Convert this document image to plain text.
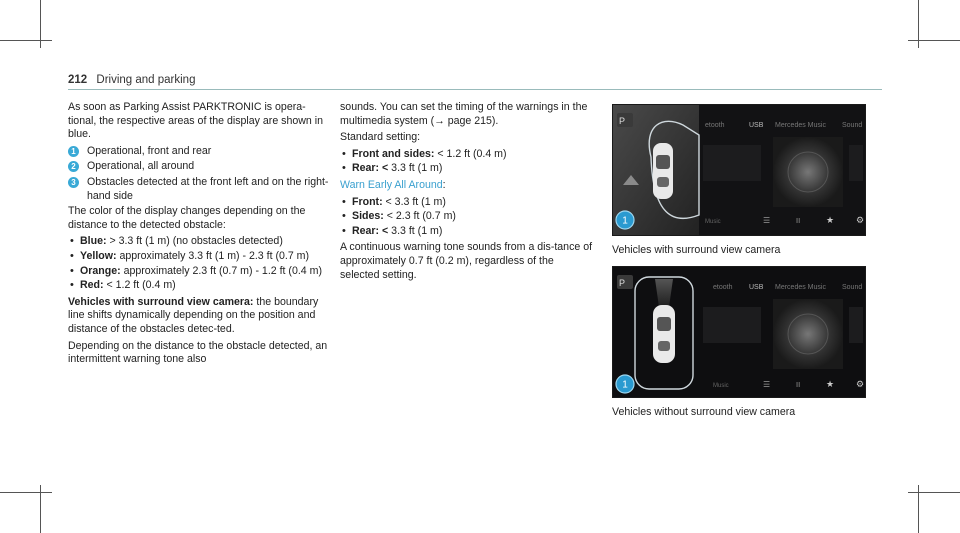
212 Driving and parking

As soon as Parking Assist PARKTRONIC is opera-tional, the respective areas of the display are shown in blue.

1	Operational, front and rear
2	Operational, all around
3	Obstacles detected at the front left and on the right-hand side

The color of the display changes depending on the distance to the detected obstacle:

• Blue: > 3.3 ft (1 m) (no obstacles detected)
• Yellow: approximately 3.3 ft (1 m) - 2.3 ft (0.7 m)
• Orange: approximately 2.3 ft (0.7 m) - 1.2 ft (0.4 m)
• Red: < 1.2 ft (0.4 m)

Vehicles with surround view camera: the boundary line shifts dynamically depending on the position and distance of the obstacles detec-ted.

Depending on the distance to the obstacle detected, an intermittent warning tone also

sounds. You can set the timing of the warnings in the multimedia system (→ page 215).

Standard setting:

• Front and sides: < 1.2 ft (0.4 m)
• Rear: < 3.3 ft (1 m)

Warn Early All Around:

• Front: < 3.3 ft (1 m)
• Sides: < 2.3 ft (0.7 m)
• Rear: < 3.3 ft (1 m)

A continuous warning tone sounds from a dis-tance of approximately 0.7 ft (0.2 m), regardless of the selected setting.

P
1
etooth	USB Mercedes Music Sound
Music	☰	II	★ ⚙
Vehicles with surround view camera
P
1
etooth USB Mercedes Music Sound
Music	☰	II	★ ⚙
Vehicles without surround view camera
